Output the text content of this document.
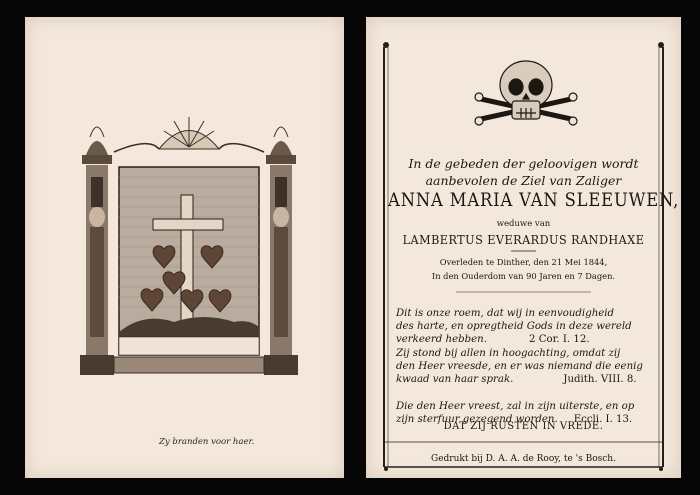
Zy branden voor haer.
In de gebeden der geloovigen wordt
aanbevolen de Ziel van Zaliger
ANNA MARIA VAN SLEEUWEN,
weduwe van
LAMBERTUS EVERARDUS RANDHAXE
Overleden te Dinther, den 21 Mei 1844,
In den Ouderdom van 90 Jaren en 7 Dagen.
Dit is onze roem, dat wij in eenvoudigheid
des harte, en opregtheid Gods in deze wereld
verkeerd hebben.	2 Cor. I. 12.
Zij stond bij allen in hoogachting, omdat zij
den Heer vreesde, en er was niemand die eenig
kwaad van haar sprak.	Judith. VIII. 8.
Die den Heer vreest, zal in zijn uiterste, en op
zijn sterfuur gezegend worden. Eccli. I. 13.
DAT ZIJ RUSTEN IN VREDE.
Gedrukt bij D. A. A. de Rooy, te 's Bosch.
